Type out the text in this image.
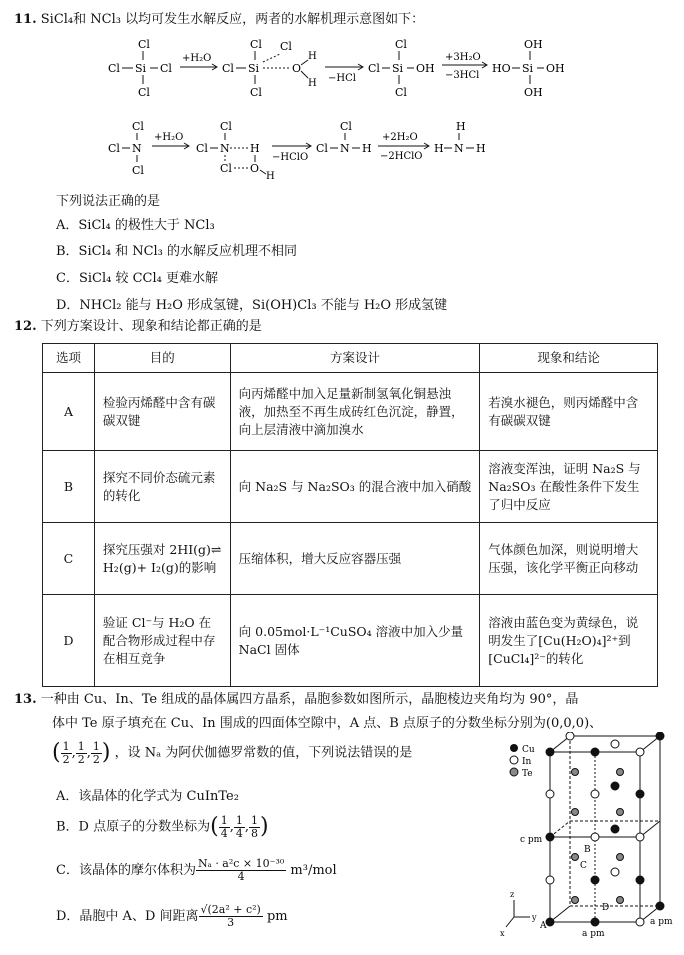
11. SiCl₄和 NCl₃ 以均可发生水解反应，两者的水解机理示意图如下：
Cl
Cl Si Cl
Cl
+H₂O
Cl Si
Cl Cl
O
H
H
Cl
−HCl
Cl Si
Cl
OH
Cl
+3H₂O
−3HCl
HO Si
OH
OH
OH
Cl N
Cl
Cl
+H₂O
Cl N
Cl
H
Cl O
H
−HClO
Cl N
Cl
H
+2H₂O
−2HClO
H N
H
H
下列说法正确的是
A．SiCl₄ 的极性大于 NCl₃
B．SiCl₄ 和 NCl₃ 的水解反应机理不相同
C．SiCl₄ 较 CCl₄ 更难水解
D．NHCl₂ 能与 H₂O 形成氢键，Si(OH)Cl₃ 不能与 H₂O 形成氢键
12. 下列方案设计、现象和结论都正确的是
选项	目的	方案设计	现象和结论
A	检验丙烯醛中含有碳碳双键	向丙烯醛中加入足量新制氢氧化铜悬浊液，加热至不再生成砖红色沉淀，静置，向上层清液中滴加溴水	若溴水褪色，则丙烯醛中含有碳碳双键
B	探究不同价态硫元素的转化	向 Na₂S 与 Na₂SO₃ 的混合液中加入硝酸	溶液变浑浊，证明 Na₂S 与 Na₂SO₃ 在酸性条件下发生了归中反应
C	探究压强对 2HI(g)⇌ H₂(g)+ I₂(g)的影响	压缩体积，增大反应容器压强	气体颜色加深，则说明增大压强，该化学平衡正向移动
D	验证 Cl⁻与 H₂O 在配合物形成过程中存在相互竞争	向 0.05mol·L⁻¹CuSO₄ 溶液中加入少量 NaCl 固体	溶液由蓝色变为黄绿色，说明发生了[Cu(H₂O)₄]²⁺到[CuCl₄]²⁻的转化
13. 一种由 Cu、In、Te 组成的晶体属四方晶系，晶胞参数如图所示，晶胞棱边夹角均为 90°，晶
体中 Te 原子填充在 Cu、In 围成的四面体空隙中，A 点、B 点原子的分数坐标分别为(0,0,0)、
( $\frac{1}{2}$ , $\frac{1}{2}$ , $\frac{1}{2}$ ) ，设 Nₐ 为阿伏伽德罗常数的值，下列说法错误的是
A．该晶体的化学式为 CuInTe₂
B．D 点原子的分数坐标为( $\frac{1}{4}$ , $\frac{1}{4}$ , $\frac{1}{8}$ )
C．该晶体的摩尔体积为 $\frac{\text{Nₐ · a²c × 10⁻³⁰}}{4} m^3/mol$
D．晶胞中 A、D 间距离 $\frac{\text{√(2a² + c²)}}{3}$ pm
Cu
In
Te
c pm
a pm
a pm
B
C
A
D
z
y
x
